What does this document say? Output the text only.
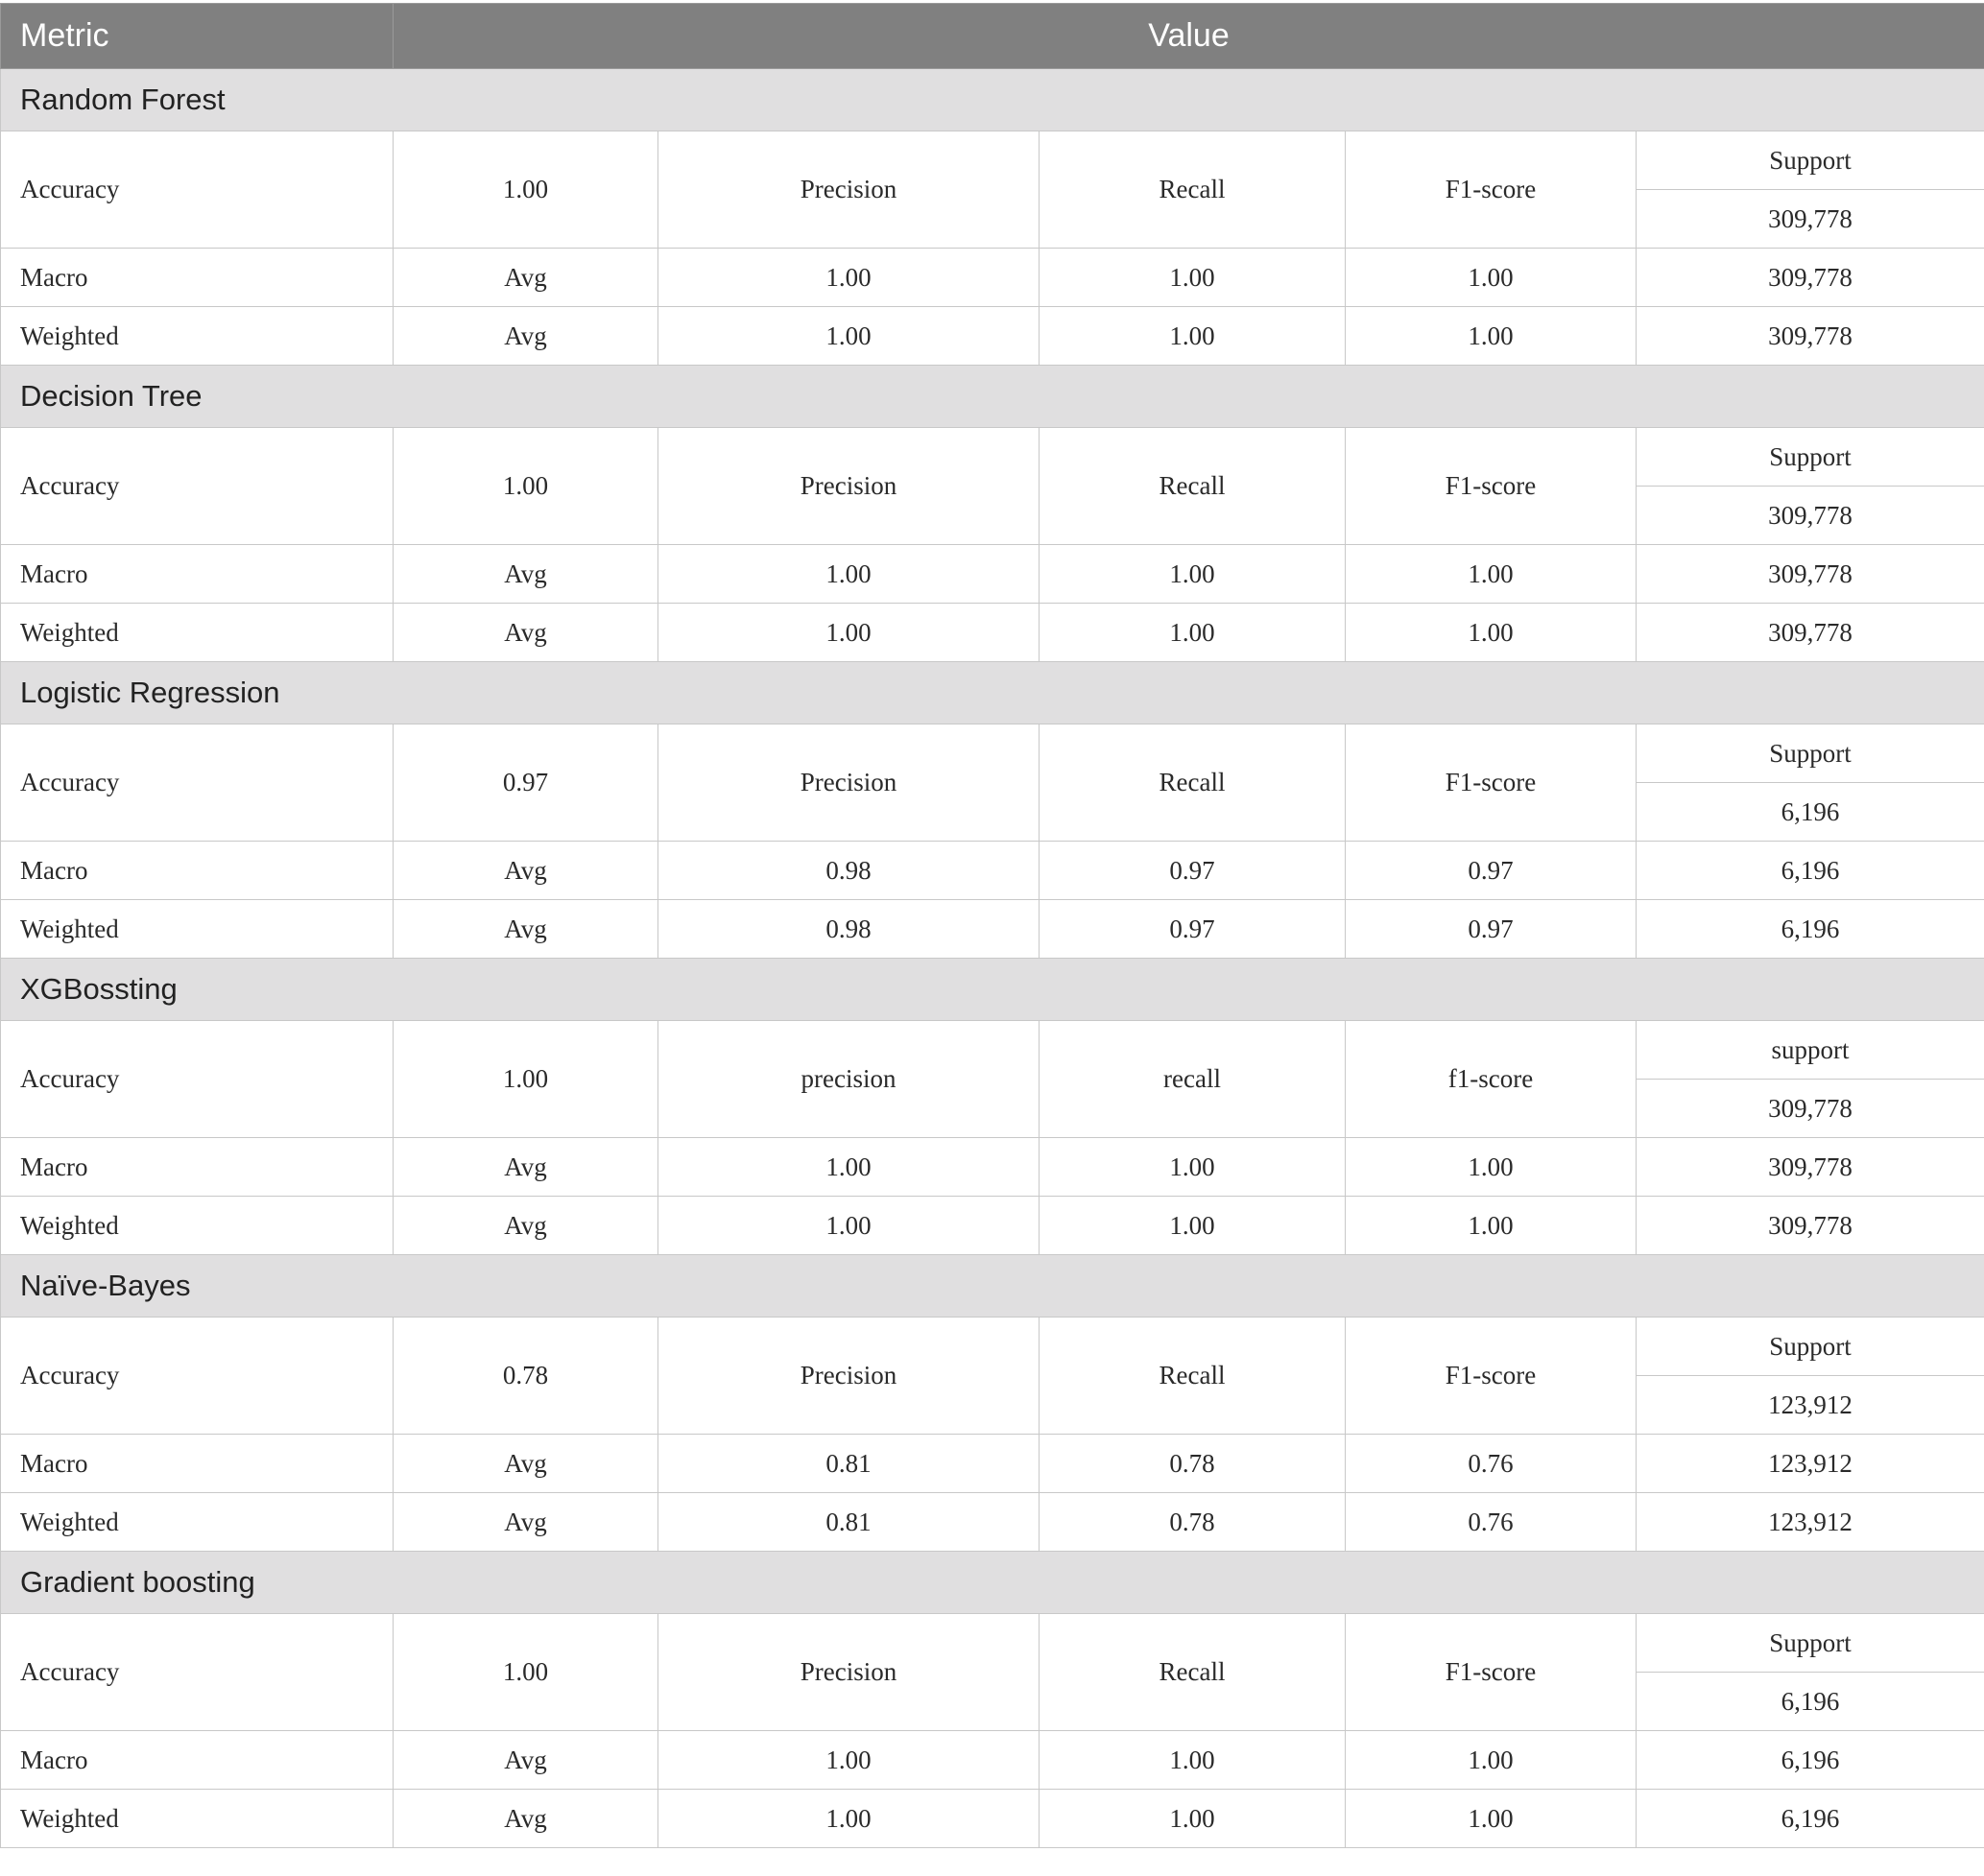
Metric	Value				
Random Forest					
Accuracy	1.00	Precision	Recall	F1-score	Support
					309,778
Macro	Avg	1.00	1.00	1.00	309,778
Weighted	Avg	1.00	1.00	1.00	309,778
Decision Tree					
Accuracy	1.00	Precision	Recall	F1-score	Support
					309,778
Macro	Avg	1.00	1.00	1.00	309,778
Weighted	Avg	1.00	1.00	1.00	309,778
Logistic Regression					
Accuracy	0.97	Precision	Recall	F1-score	Support
					6,196
Macro	Avg	0.98	0.97	0.97	6,196
Weighted	Avg	0.98	0.97	0.97	6,196
XGBossting					
Accuracy	1.00	precision	recall	f1-score	support
					309,778
Macro	Avg	1.00	1.00	1.00	309,778
Weighted	Avg	1.00	1.00	1.00	309,778
Naïve-Bayes					
Accuracy	0.78	Precision	Recall	F1-score	Support
					123,912
Macro	Avg	0.81	0.78	0.76	123,912
Weighted	Avg	0.81	0.78	0.76	123,912
Gradient boosting					
Accuracy	1.00	Precision	Recall	F1-score	Support
					6,196
Macro	Avg	1.00	1.00	1.00	6,196
Weighted	Avg	1.00	1.00	1.00	6,196
